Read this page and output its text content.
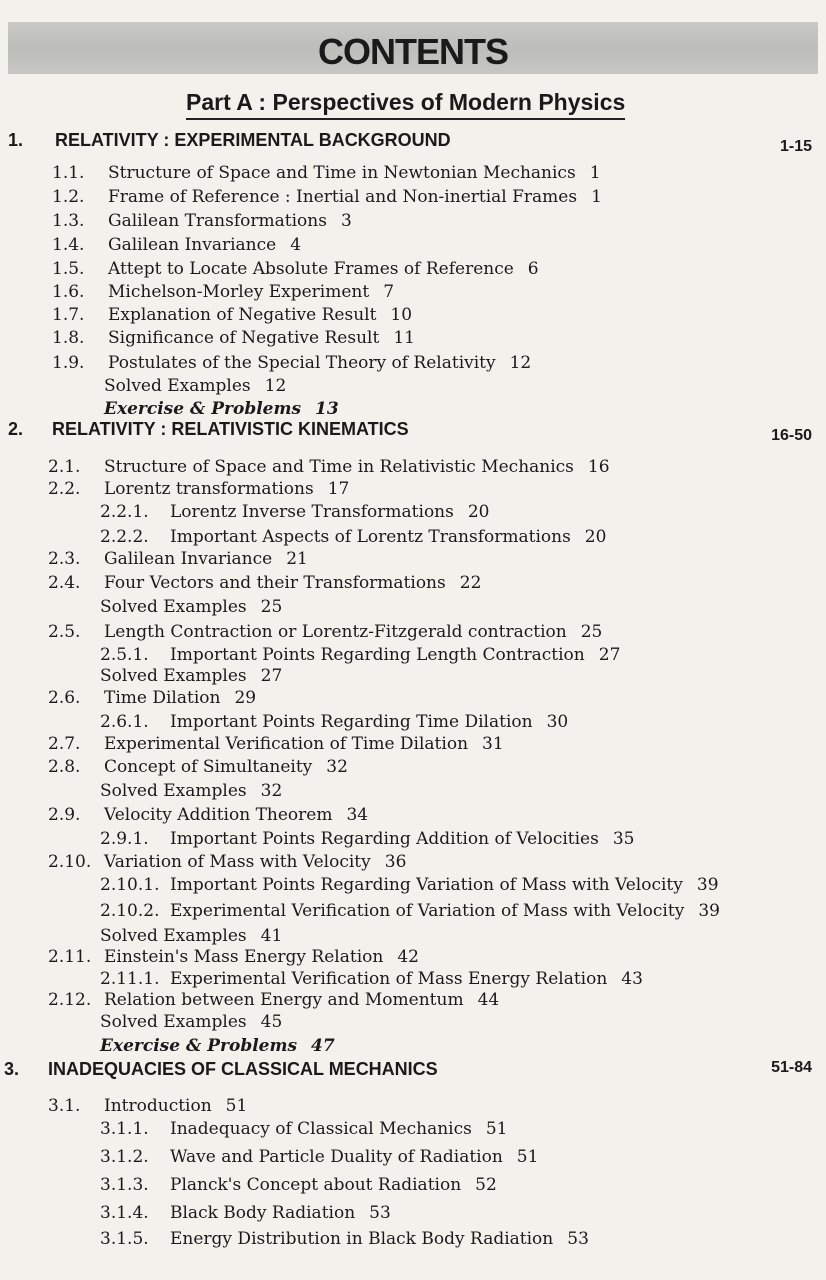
CONTENTS
Part A : Perspectives of Modern Physics
1. RELATIVITY : EXPERIMENTAL BACKGROUND	1-15
1.1. Structure of Space and Time in Newtonian Mechanics 1
1.2. Frame of Reference : Inertial and Non-inertial Frames 1
1.3. Galilean Transformations 3
1.4. Galilean Invariance 4
1.5. Attept to Locate Absolute Frames of Reference 6
1.6. Michelson-Morley Experiment 7
1.7. Explanation of Negative Result 10
1.8. Significance of Negative Result 11
1.9. Postulates of the Special Theory of Relativity 12
Solved Examples 12
Exercise & Problems 13
2. RELATIVITY : RELATIVISTIC KINEMATICS	16-50
2.1. Structure of Space and Time in Relativistic Mechanics 16
2.2. Lorentz transformations 17
2.2.1. Lorentz Inverse Transformations 20
2.2.2. Important Aspects of Lorentz Transformations 20
2.3. Galilean Invariance 21
2.4. Four Vectors and their Transformations 22
Solved Examples 25
2.5. Length Contraction or Lorentz-Fitzgerald contraction 25
2.5.1. Important Points Regarding Length Contraction 27
Solved Examples 27
2.6. Time Dilation 29
2.6.1. Important Points Regarding Time Dilation 30
2.7. Experimental Verification of Time Dilation 31
2.8. Concept of Simultaneity 32
Solved Examples 32
2.9. Velocity Addition Theorem 34
2.9.1. Important Points Regarding Addition of Velocities 35
2.10. Variation of Mass with Velocity 36
2.10.1. Important Points Regarding Variation of Mass with Velocity 39
2.10.2. Experimental Verification of Variation of Mass with Velocity 39
Solved Examples 41
2.11. Einstein's Mass Energy Relation 42
2.11.1. Experimental Verification of Mass Energy Relation 43
2.12. Relation between Energy and Momentum 44
Solved Examples 45
Exercise & Problems 47
3. INADEQUACIES OF CLASSICAL MECHANICS	51-84
3.1. Introduction 51
3.1.1. Inadequacy of Classical Mechanics 51
3.1.2. Wave and Particle Duality of Radiation 51
3.1.3. Planck's Concept about Radiation 52
3.1.4. Black Body Radiation 53
3.1.5. Energy Distribution in Black Body Radiation 53
